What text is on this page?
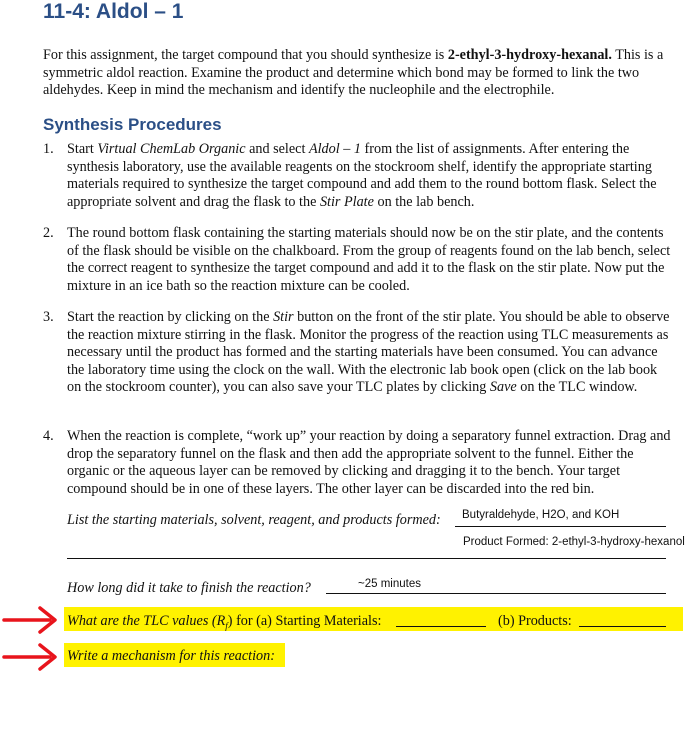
11-4: Aldol – 1
For this assignment, the target compound that you should synthesize is 2-ethyl-3-hydroxy-hexanal. This is a symmetric aldol reaction. Examine the product and determine which bond may be formed to link the two aldehydes. Keep in mind the mechanism and identify the nucleophile and the electrophile.
Synthesis Procedures
1. Start Virtual ChemLab Organic and select Aldol – 1 from the list of assignments. After entering the synthesis laboratory, use the available reagents on the stockroom shelf, identify the appropriate starting materials required to synthesize the target compound and add them to the round bottom flask. Select the appropriate solvent and drag the flask to the Stir Plate on the lab bench.
2. The round bottom flask containing the starting materials should now be on the stir plate, and the contents of the flask should be visible on the chalkboard. From the group of reagents found on the lab bench, select the correct reagent to synthesize the target compound and add it to the flask on the stir plate. Now put the mixture in an ice bath so the reaction mixture can be cooled.
3. Start the reaction by clicking on the Stir button on the front of the stir plate. You should be able to observe the reaction mixture stirring in the flask. Monitor the progress of the reaction using TLC measurements as necessary until the product has formed and the starting materials have been consumed. You can advance the laboratory time using the clock on the wall. With the electronic lab book open (click on the lab book on the stockroom counter), you can also save your TLC plates by clicking Save on the TLC window.
4. When the reaction is complete, “work up” your reaction by doing a separatory funnel extraction. Drag and drop the separatory funnel on the flask and then add the appropriate solvent to the funnel. Either the organic or the aqueous layer can be removed by clicking and dragging it to the bench. Your target compound should be in one of these layers. The other layer can be discarded into the red bin.
List the starting materials, solvent, reagent, and products formed: Butyraldehyde, H2O, and KOH
Product Formed: 2-ethyl-3-hydroxy-hexanol
How long did it take to finish the reaction?	~25 minutes
What are the TLC values $(R_f)$ for (a) Starting Materials:	(b) Products:
Write a mechanism for this reaction:
